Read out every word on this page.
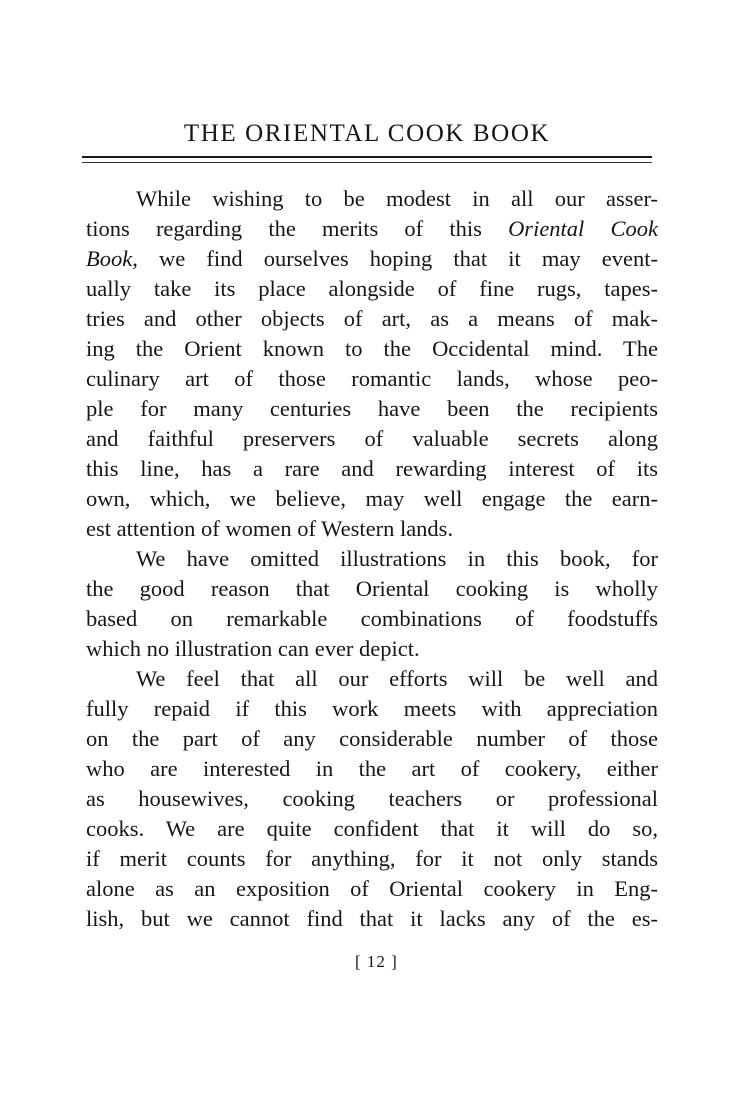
THE ORIENTAL COOK BOOK
While wishing to be modest in all our asser-
tions regarding the merits of this Oriental Cook
Book, we find ourselves hoping that it may event-
ually take its place alongside of fine rugs, tapes-
tries and other objects of art, as a means of mak-
ing the Orient known to the Occidental mind. The
culinary art of those romantic lands, whose peo-
ple for many centuries have been the recipients
and faithful preservers of valuable secrets along
this line, has a rare and rewarding interest of its
own, which, we believe, may well engage the earn-
est attention of women of Western lands.
We have omitted illustrations in this book, for
the good reason that Oriental cooking is wholly
based on remarkable combinations of foodstuffs
which no illustration can ever depict.
We feel that all our efforts will be well and
fully repaid if this work meets with appreciation
on the part of any considerable number of those
who are interested in the art of cookery, either
as housewives, cooking teachers or professional
cooks. We are quite confident that it will do so,
if merit counts for anything, for it not only stands
alone as an exposition of Oriental cookery in Eng-
lish, but we cannot find that it lacks any of the es-
[ 12 ]
